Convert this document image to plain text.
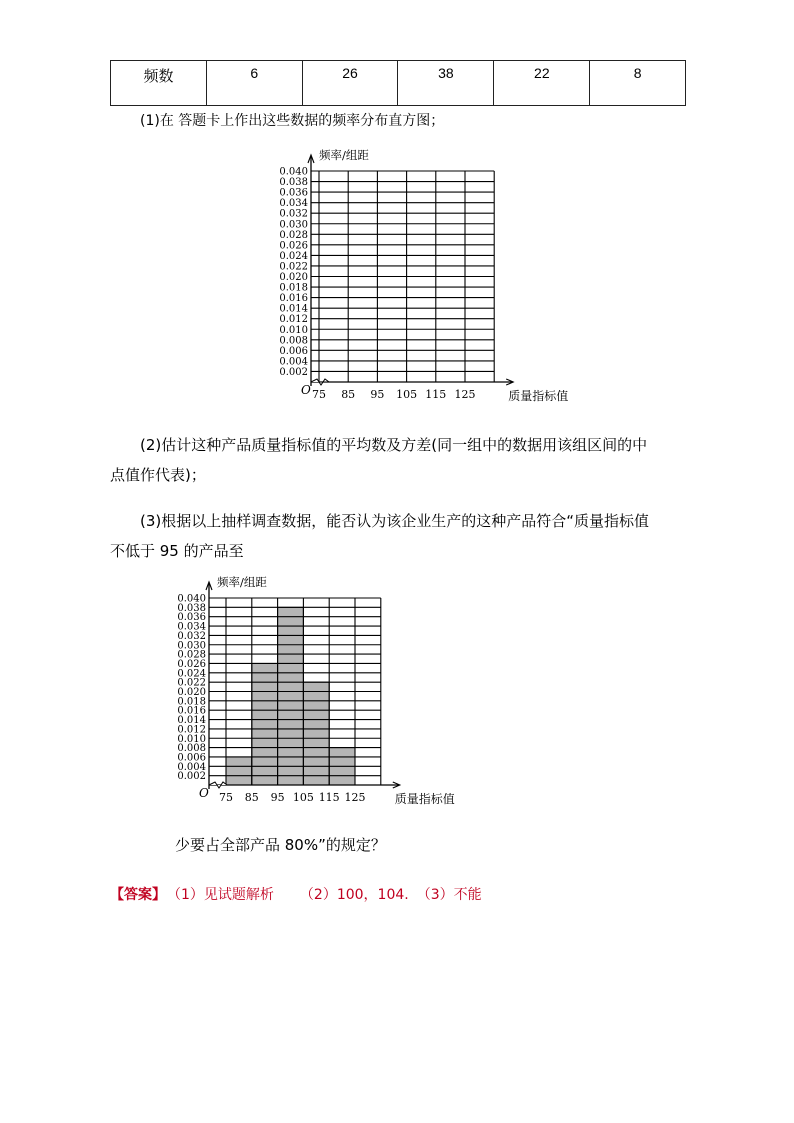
频数	6	26	38	22	8
(1)在 答题卡上作出这些数据的频率分布直方图；
0.002
0.004
0.006
0.008
0.010
0.012
0.014
0.016
0.018
0.020
0.022
0.024
0.026
0.028
0.030
0.032
0.034
0.036
0.038
0.040
75 85 95 105 115 125
频率/组距
质量指标值
O
(2)估计这种产品质量指标值的平均数及方差(同一组中的数据用该组区间的中
点值作代表)；
(3)根据以上抽样调查数据，能否认为该企业生产的这种产品符合“质量指标值
不低于 95 的产品至
0.002
0.004
0.006
0.008
0.010
0.012
0.014
0.016
0.018
0.020
0.022
0.024
0.026
0.028
0.030
0.032
0.034
0.036
0.038
0.040
75 85 95 105 115 125
频率/组距
质量指标值
O
少要占全部产品 80%”的规定？
【答案】 （1）见试题解析 （2）100，104. （3）不能
